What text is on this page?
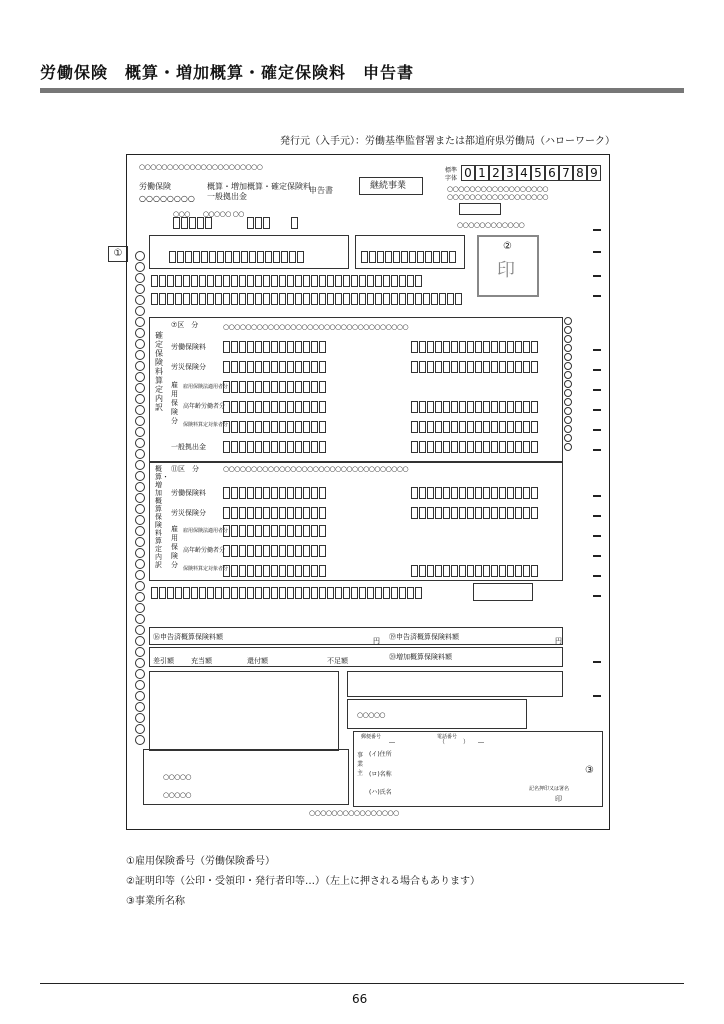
労働保険　概算・増加概算・確定保険料　申告書
発行元（入手元）：労働基準監督署または都道府県労働局（ハローワーク）
①
○○○○○○○○○○○○○○○○○○○○○○
労働保険
○○○○○○○○
概算・増加概算・確定保険料
一般拠出金
申告書	継続事業
標準
字体 0 1 2 3 4 5 6 7 8 9
○○○○○○○○○○○○○○○○○○
○○○○○○○○○○○○○○○○○○
○○○　　○○○○○ ○○
○○○○○○○○○○○○
②
印
確定保険料算定内訳
⑦区　分	○○○○○○○○○○○○○○○○○○○○○○○○○○○○○○○○○
労働保険料
労災保険分
雇用保険分
雇用保険法適用者分
高年齢労働者分
保険料算定対象者分
一般拠出金
概算・増加概算保険料算定内訳
⑪区　分	○○○○○○○○○○○○○○○○○○○○○○○○○○○○○○○○○
労働保険料
労災保険分
雇用保険分
雇用保険法適用者分
高年齢労働者分
保険料算定対象者分
⑯申告済概算保険料額	円 ⑲申告済概算保険料額	円
差引額 充当額	還付額	不足額	⑳増加概算保険料額
○○○○○
○○○○○
○○○○○
事業主
郵便番号
―
電話番号
（　　　）　　―
(イ)住所
(ロ)名称
(ハ)氏名	記名押印又は署名
印
③
○○○○○○○○○○○○○○○○
①雇用保険番号（労働保険番号）
②証明印等（公印・受領印・発行者印等…）（左上に押される場合もあります）
③事業所名称
66
